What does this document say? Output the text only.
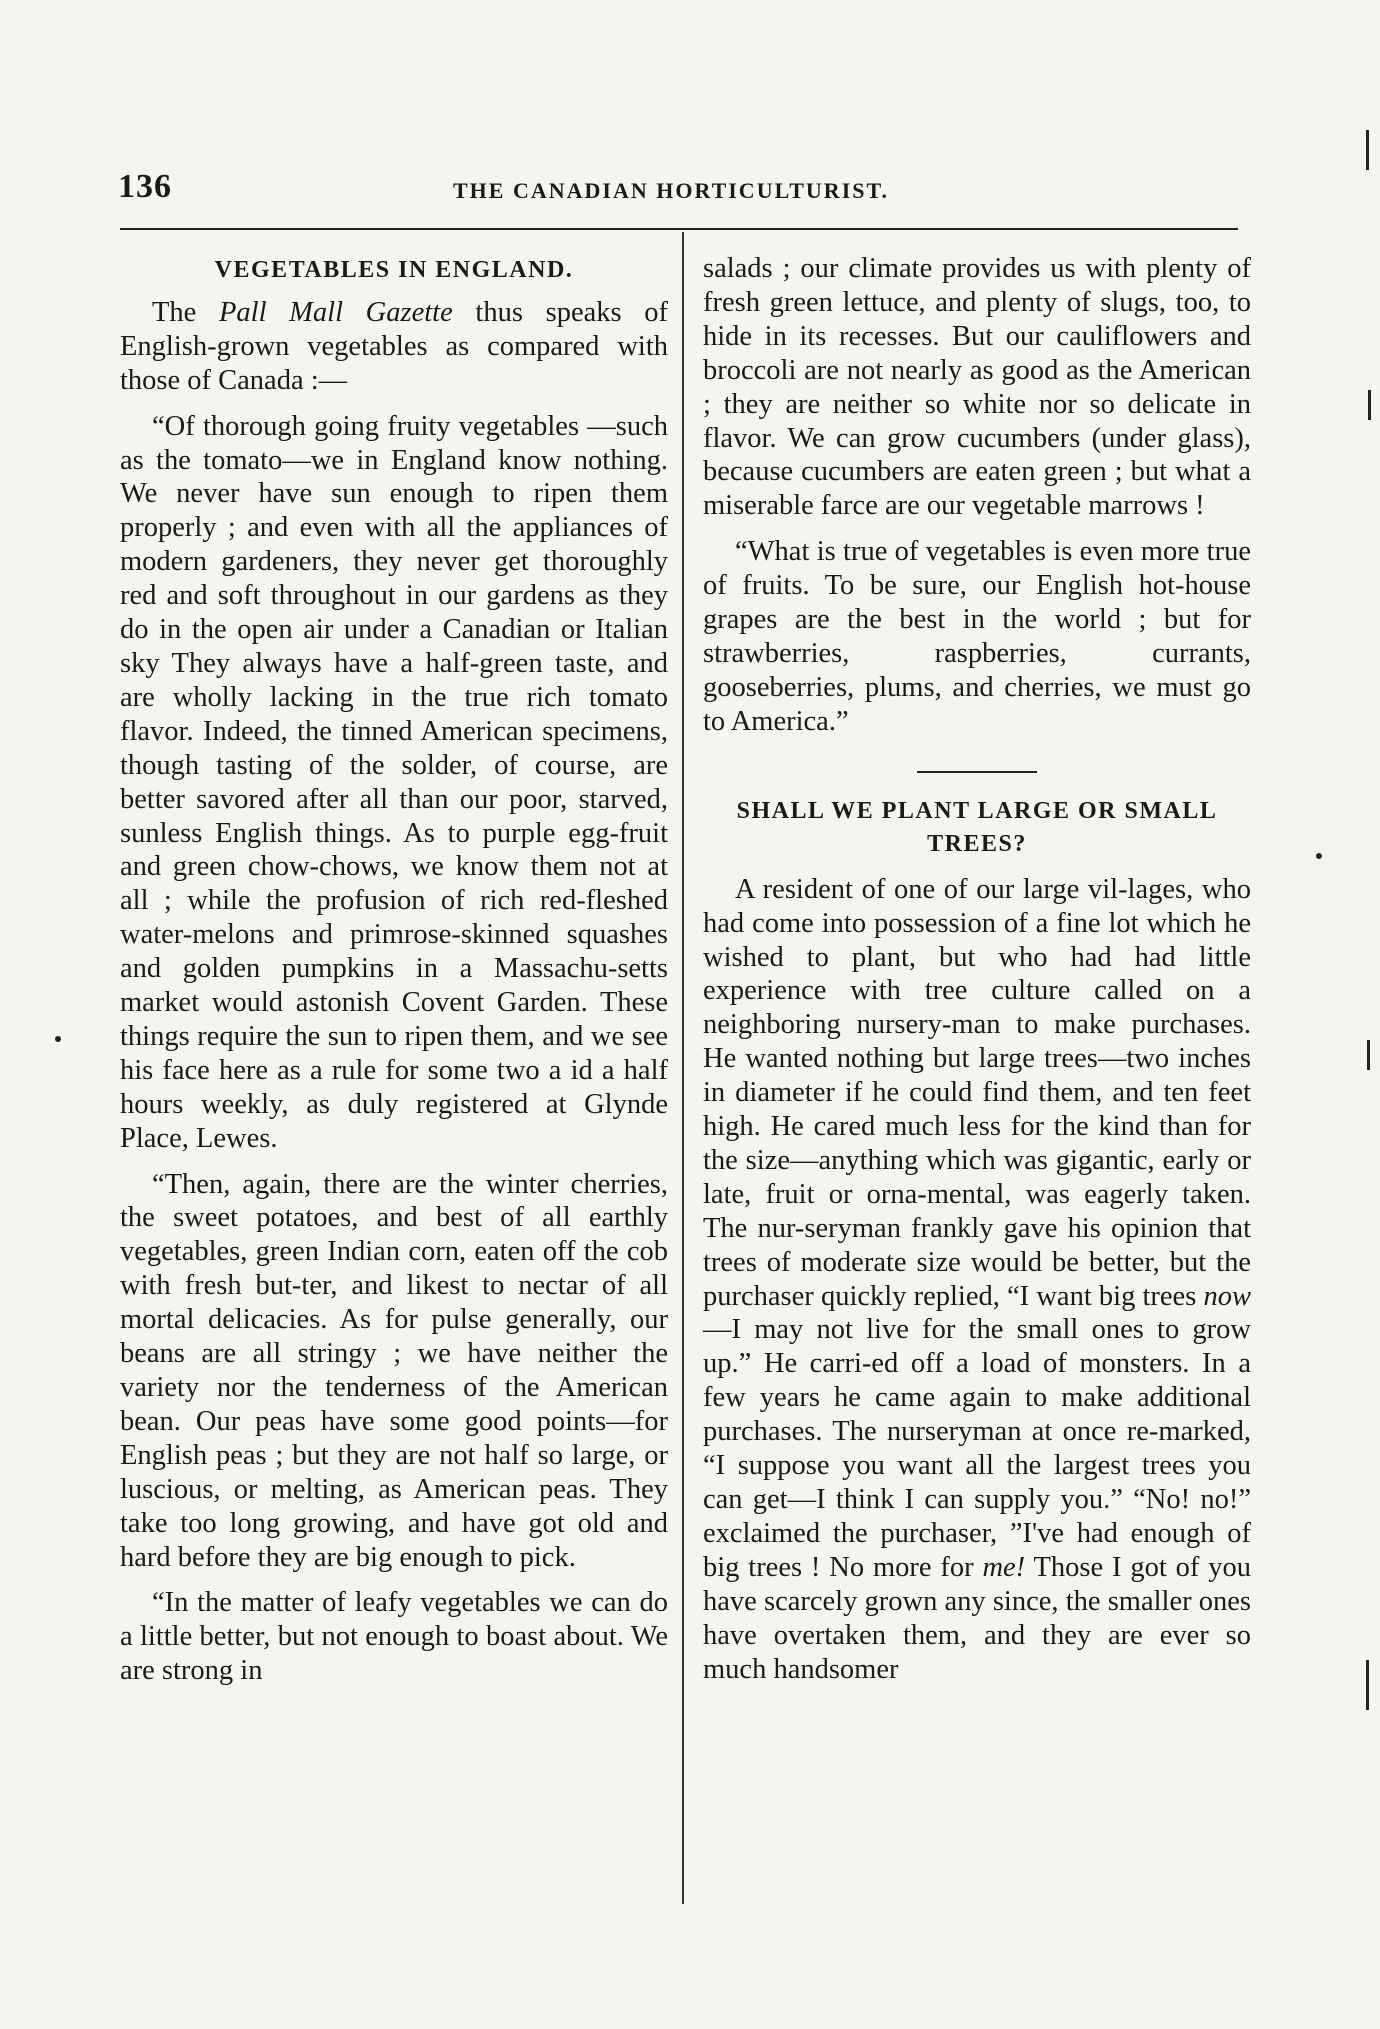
136	THE CANADIAN HORTICULTURIST.
VEGETABLES IN ENGLAND.

The Pall Mall Gazette thus speaks of English-grown vegetables as compared with those of Canada :—

“Of thorough going fruity vegetables —such as the tomato—we in England know nothing. We never have sun enough to ripen them properly ; and even with all the appliances of modern gardeners, they never get thoroughly red and soft throughout in our gardens as they do in the open air under a Canadian or Italian sky They always have a half-green taste, and are wholly lacking in the true rich tomato flavor. Indeed, the tinned American specimens, though tasting of the solder, of course, are better savored after all than our poor, starved, sunless English things. As to purple egg-fruit and green chow-chows, we know them not at all ; while the profusion of rich red-fleshed water-melons and primrose-skinned squashes and golden pumpkins in a Massachu-setts market would astonish Covent Garden. These things require the sun to ripen them, and we see his face here as a rule for some two a id a half hours weekly, as duly registered at Glynde Place, Lewes.

“Then, again, there are the winter cherries, the sweet potatoes, and best of all earthly vegetables, green Indian corn, eaten off the cob with fresh but-ter, and likest to nectar of all mortal delicacies. As for pulse generally, our beans are all stringy ; we have neither the variety nor the tenderness of the American bean. Our peas have some good points—for English peas ; but they are not half so large, or luscious, or melting, as American peas. They take too long growing, and have got old and hard before they are big enough to pick.

“In the matter of leafy vegetables we can do a little better, but not enough to boast about. We are strong in

salads ; our climate provides us with plenty of fresh green lettuce, and plenty of slugs, too, to hide in its recesses. But our cauliflowers and broccoli are not nearly as good as the American ; they are neither so white nor so delicate in flavor. We can grow cucumbers (under glass), because cucumbers are eaten green ; but what a miserable farce are our vegetable marrows !

“What is true of vegetables is even more true of fruits. To be sure, our English hot-house grapes are the best in the world ; but for strawberries, raspberries, currants, gooseberries, plums, and cherries, we must go to America.”

SHALL WE PLANT LARGE OR SMALL
TREES?

A resident of one of our large vil-lages, who had come into possession of a fine lot which he wished to plant, but who had had little experience with tree culture called on a neighboring nursery-man to make purchases. He wanted nothing but large trees—two inches in diameter if he could find them, and ten feet high. He cared much less for the kind than for the size—anything which was gigantic, early or late, fruit or orna-mental, was eagerly taken. The nur-seryman frankly gave his opinion that trees of moderate size would be better, but the purchaser quickly replied, “I want big trees now—I may not live for the small ones to grow up.” He carri-ed off a load of monsters. In a few years he came again to make additional purchases. The nurseryman at once re-marked, “I suppose you want all the largest trees you can get—I think I can supply you.” “No! no!” exclaimed the purchaser, ”I've had enough of big trees ! No more for me! Those I got of you have scarcely grown any since, the smaller ones have overtaken them, and they are ever so much handsomer
